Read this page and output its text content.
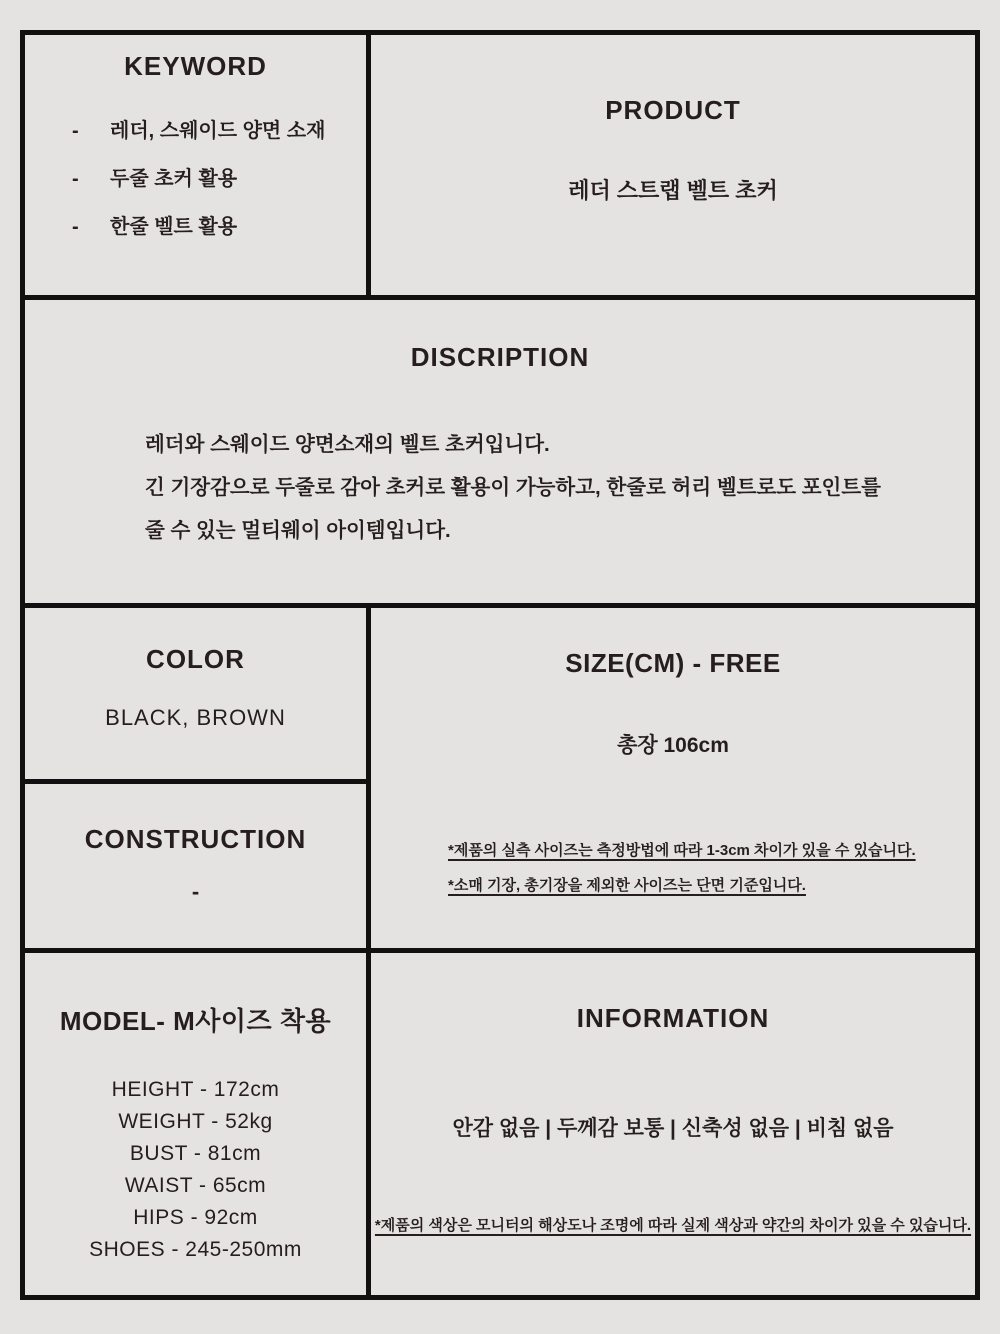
KEYWORD
-	레더, 스웨이드 양면 소재
-	두줄 초커 활용
-	한줄 벨트 활용
PRODUCT
레더 스트랩 벨트 초커
DISCRIPTION
레더와 스웨이드 양면소재의 벨트 초커입니다.
긴 기장감으로 두줄로 감아 초커로 활용이 가능하고, 한줄로 허리 벨트로도 포인트를
줄 수 있는 멀티웨이 아이템입니다.
COLOR
BLACK, BROWN
SIZE(CM) - FREE
총장 106cm
*제품의 실측 사이즈는 측정방법에 따라 1-3cm 차이가 있을 수 있습니다.
*소매 기장, 총기장을 제외한 사이즈는 단면 기준입니다.
CONSTRUCTION
-
MODEL- M사이즈 착용
HEIGHT - 172cm
WEIGHT - 52kg
BUST - 81cm
WAIST - 65cm
HIPS - 92cm
SHOES - 245-250mm
INFORMATION
안감 없음 | 두께감 보통 | 신축성 없음 | 비침 없음
*제품의 색상은 모니터의 해상도나 조명에 따라 실제 색상과 약간의 차이가 있을 수 있습니다.
